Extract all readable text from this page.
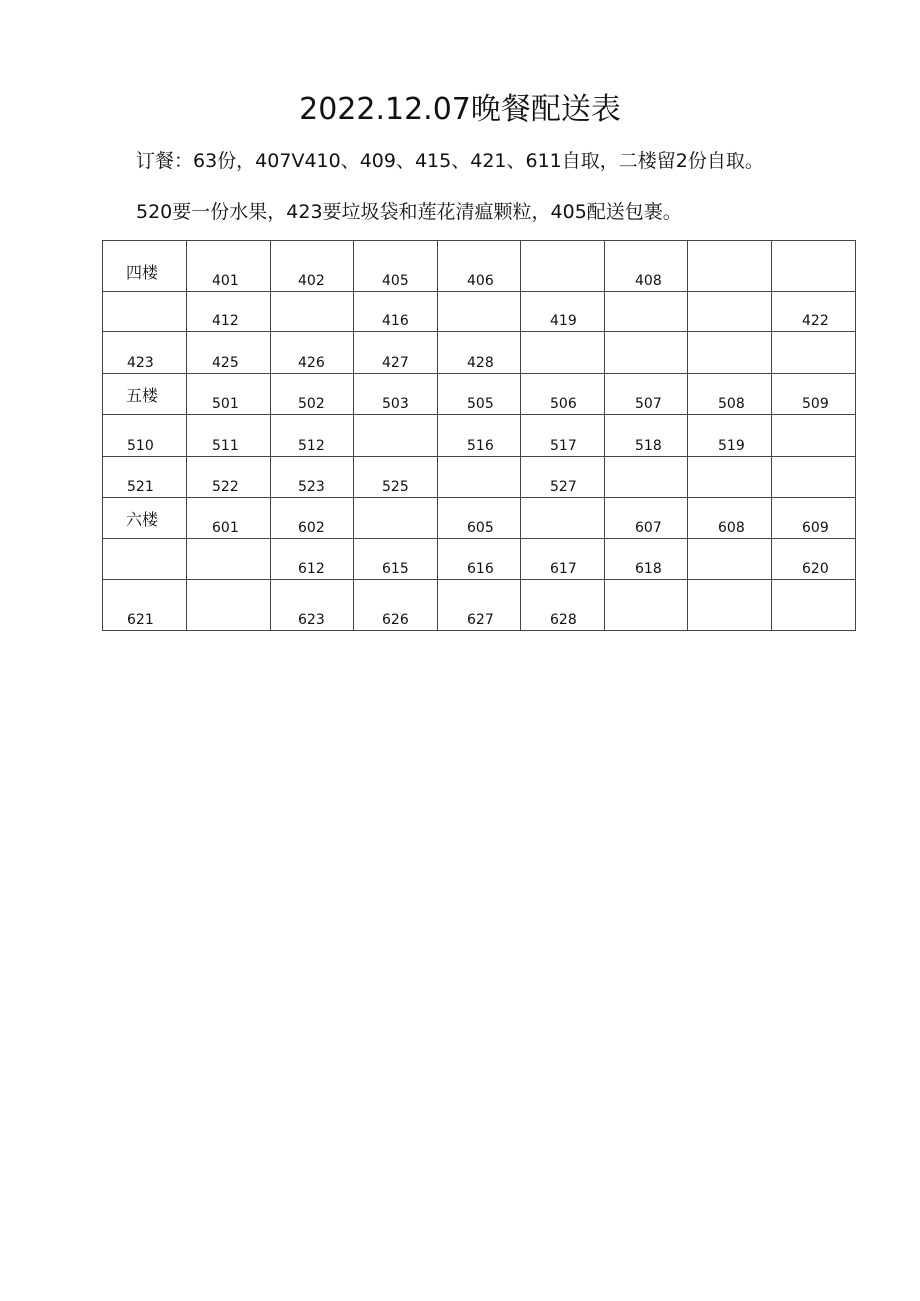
2022.12.07晚餐配送表
订餐：63份，407V410、409、415、421、611自取，二楼留2份自取。
520要一份水果，423要垃圾袋和莲花清瘟颗粒，405配送包裹。
四楼	401	402	405	406		408		

	412		416		419			422

423	425	426	427	428				

五楼	501	502	503	505	506	507	508	509

510	511	512		516	517	518	519	

521	522	523	525		527			

六楼	601	602		605		607	608	609

		612	615	616	617	618		620

621		623	626	627	628			
